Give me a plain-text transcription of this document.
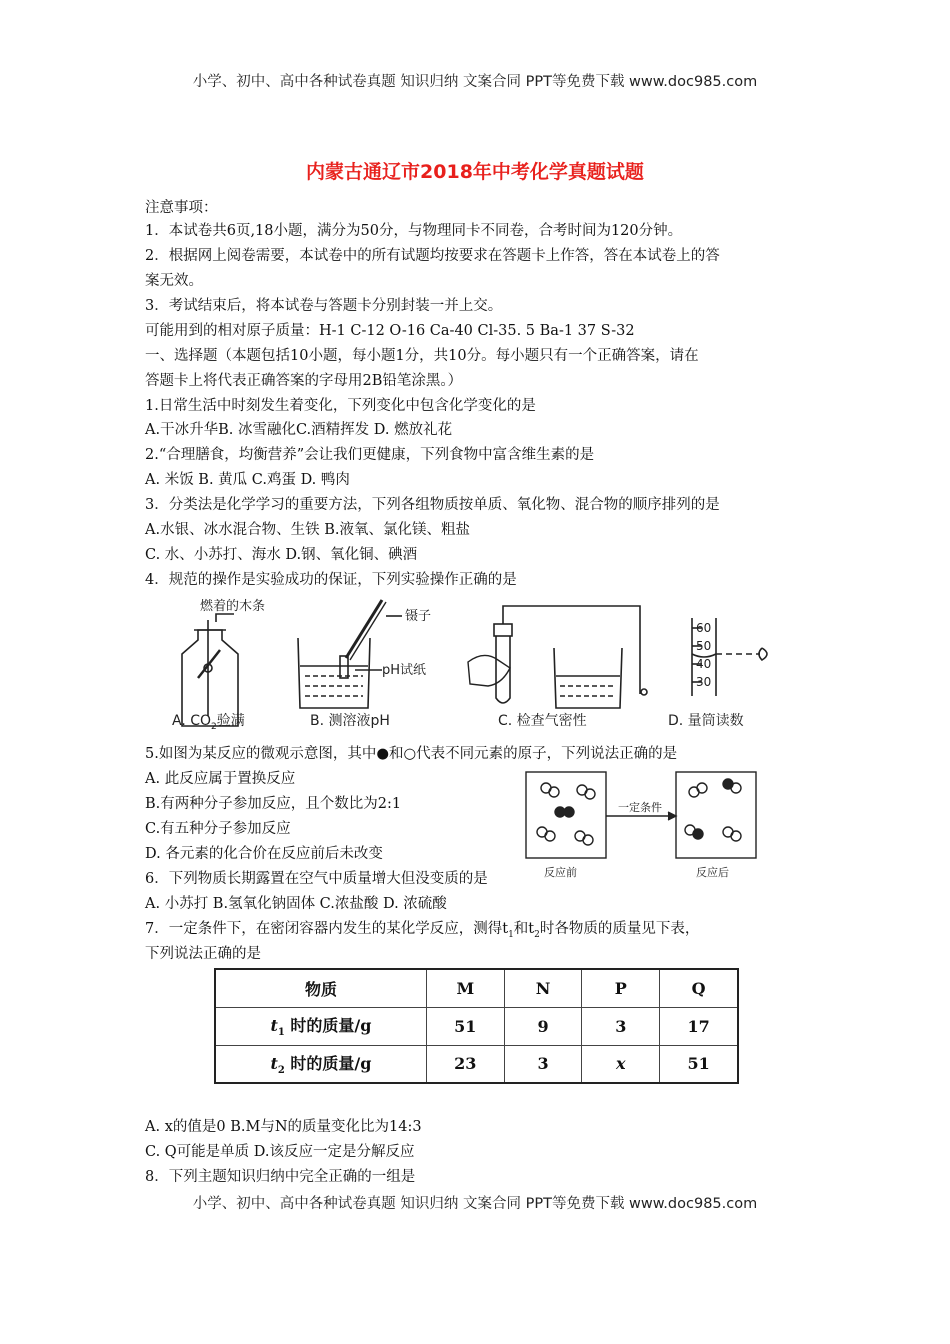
小学、初中、高中各种试卷真题 知识归纳 文案合同 PPT等免费下载 www.doc985.com
内蒙古通辽市2018年中考化学真题试题
注意事项：
1．本试卷共6页,18小题，满分为50分，与物理同卡不同卷，合考时间为120分钟。
2．根据网上阅卷需要，本试卷中的所有试题均按要求在答题卡上作答，答在本试卷上的答
案无效。
3．考试结束后，将本试卷与答题卡分别封装一并上交。
可能用到的相对原子质量：H-1 C-12 O-16 Ca-40 Cl-35. 5 Ba-1 37 S-32
一、选择题（本题包括10小题，每小题1分，共10分。每小题只有一个正确答案，请在
答题卡上将代表正确答案的字母用2B铅笔涂黑。）
1.日常生活中时刻发生着变化，下列变化中包含化学变化的是
A.干冰升华B. 冰雪融化C.酒精挥发 D. 燃放礼花
2.“合理膳食，均衡营养”会让我们更健康，下列食物中富含维生素的是
A. 米饭 B. 黄瓜 C.鸡蛋 D. 鸭肉
3．分类法是化学学习的重要方法，下列各组物质按单质、氧化物、混合物的顺序排列的是
A.水银、冰水混合物、生铁 B.液氧、氯化镁、粗盐
C. 水、小苏打、海水 D.钢、氧化铜、碘酒
4．规范的操作是实验成功的保证，下列实验操作正确的是
燃着的木条
A. $CO_2$验满
镊子
pH试纸
B. 测溶液pH	C. 检查气密性
60
50
40
30
D. 量筒读数
5.如图为某反应的微观示意图，其中●和○代表不同元素的原子，下列说法正确的是
A. 此反应属于置换反应
B.有两种分子参加反应，且个数比为2:1
C.有五种分子参加反应
D. 各元素的化合价在反应前后未改变
一定条件
反应前	反应后
6．下列物质长期露置在空气中质量增大但没变质的是
A. 小苏打 B.氢氧化钠固体 C.浓盐酸 D. 浓硫酸
7．一定条件下，在密闭容器内发生的某化学反应，测得$t_1$和$t_2$时各物质的质量见下表，
下列说法正确的是
物质	M	N	P	Q
$t_1$ 时的质量/g	51	9	3	17
$t_2$ 时的质量/g	23	3	x	51
A. x的值是0 B.M与N的质量变化比为14:3
C. Q可能是单质 D.该反应一定是分解反应
8．下列主题知识归纳中完全正确的一组是
小学、初中、高中各种试卷真题 知识归纳 文案合同 PPT等免费下载 www.doc985.com
